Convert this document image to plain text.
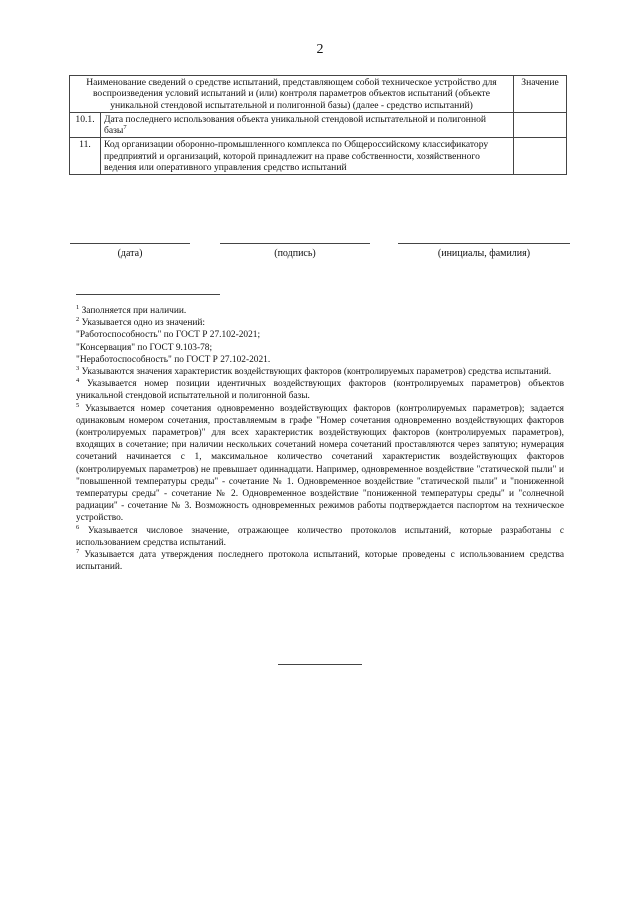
2
Наименование сведений о средстве испытаний, представляющем собой техническое устройство для воспроизведения условий испытаний и (или) контроля параметров объектов испытаний (объекте уникальной стендовой испытательной и полигонной базы) (далее - средство испытаний)		Значение
10.1.	Дата последнего использования объекта уникальной стендовой испытательной и полигонной базы$^7$	
11.	Код организации оборонно-промышленного комплекса по Общероссийскому классификатору предприятий и организаций, которой принадлежит на праве собственности, хозяйственного ведения или оперативного управления средство испытаний	
(дата)	(подпись)	(инициалы, фамилия)

$^1$ Заполняется при наличии.

$^2$ Указывается одно из значений:

"Работоспособность" по ГОСТ Р 27.102-2021;

"Консервация" по ГОСТ 9.103-78;

"Неработоспособность" по ГОСТ Р 27.102-2021.

$^3$ Указываются значения характеристик воздействующих факторов (контролируемых параметров) средства испытаний.

$^4$ Указывается номер позиции идентичных воздействующих факторов (контролируемых параметров) объектов уникальной стендовой испытательной и полигонной базы.

$^5$ Указывается номер сочетания одновременно воздействующих факторов (контролируемых параметров); задается одинаковым номером сочетания, проставляемым в графе "Номер сочетания одновременно воздействующих факторов (контролируемых параметров)" для всех характеристик воздействующих факторов (контролируемых параметров), входящих в сочетание; при наличии нескольких сочетаний номера сочетаний проставляются через запятую; нумерация сочетаний начинается с 1, максимальное количество сочетаний характеристик воздействующих факторов (контролируемых параметров) не превышает одиннадцати. Например, одновременное воздействие "статической пыли" и "повышенной температуры среды" - сочетание № 1. Одновременное воздействие "статической пыли" и "пониженной температуры среды" - сочетание № 2. Одновременное воздействие "пониженной температуры среды" и "солнечной радиации" - сочетание № 3. Возможность одновременных режимов работы подтверждается паспортом на техническое устройство.

$^6$ Указывается числовое значение, отражающее количество протоколов испытаний, которые разработаны с использованием средства испытаний.

$^7$ Указывается дата утверждения последнего протокола испытаний, которые проведены с использованием средства испытаний.
